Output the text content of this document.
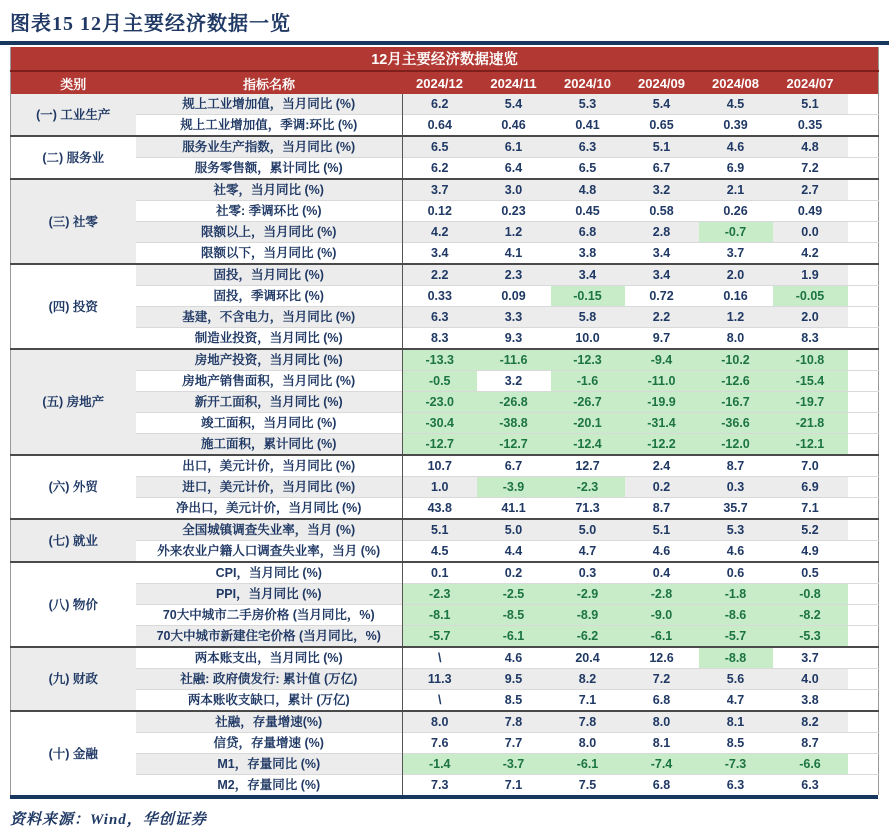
图表15 12月主要经济数据一览
12月主要经济数据速览								
类别	指标名称	2024/12	2024/11	2024/10	2024/09	2024/08	2024/07	
(一) 工业生产	规上工业增加值，当月同比 (%)	6.2	5.4	5.3	5.4	4.5	5.1	
	规上工业增加值，季调:环比 (%)	0.64	0.46	0.41	0.65	0.39	0.35	
(二) 服务业	服务业生产指数，当月同比 (%)	6.5	6.1	6.3	5.1	4.6	4.8	
	服务零售额，累计同比 (%)	6.2	6.4	6.5	6.7	6.9	7.2	
(三) 社零	社零，当月同比 (%)	3.7	3.0	4.8	3.2	2.1	2.7	
	社零: 季调环比 (%)	0.12	0.23	0.45	0.58	0.26	0.49	
	限额以上，当月同比 (%)	4.2	1.2	6.8	2.8	-0.7	0.0	
	限额以下，当月同比 (%)	3.4	4.1	3.8	3.4	3.7	4.2	
(四) 投资	固投，当月同比 (%)	2.2	2.3	3.4	3.4	2.0	1.9	
	固投，季调环比 (%)	0.33	0.09	-0.15	0.72	0.16	-0.05	
	基建，不含电力，当月同比 (%)	6.3	3.3	5.8	2.2	1.2	2.0	
	制造业投资，当月同比 (%)	8.3	9.3	10.0	9.7	8.0	8.3	
(五) 房地产	房地产投资，当月同比 (%)	-13.3	-11.6	-12.3	-9.4	-10.2	-10.8	
	房地产销售面积，当月同比 (%)	-0.5	3.2	-1.6	-11.0	-12.6	-15.4	
	新开工面积，当月同比 (%)	-23.0	-26.8	-26.7	-19.9	-16.7	-19.7	
	竣工面积，当月同比 (%)	-30.4	-38.8	-20.1	-31.4	-36.6	-21.8	
	施工面积，累计同比 (%)	-12.7	-12.7	-12.4	-12.2	-12.0	-12.1	
(六) 外贸	出口，美元计价，当月同比 (%)	10.7	6.7	12.7	2.4	8.7	7.0	
	进口，美元计价，当月同比 (%)	1.0	-3.9	-2.3	0.2	0.3	6.9	
	净出口，美元计价，当月同比 (%)	43.8	41.1	71.3	8.7	35.7	7.1	
(七) 就业	全国城镇调查失业率，当月 (%)	5.1	5.0	5.0	5.1	5.3	5.2	
	外来农业户籍人口调查失业率，当月 (%)	4.5	4.4	4.7	4.6	4.6	4.9	
(八) 物价	CPI，当月同比 (%)	0.1	0.2	0.3	0.4	0.6	0.5	
	PPI，当月同比 (%)	-2.3	-2.5	-2.9	-2.8	-1.8	-0.8	
	70大中城市二手房价格 (当月同比，%)	-8.1	-8.5	-8.9	-9.0	-8.6	-8.2	
	70大中城市新建住宅价格 (当月同比，%)	-5.7	-6.1	-6.2	-6.1	-5.7	-5.3	
(九) 财政	两本账支出，当月同比 (%)	\	4.6	20.4	12.6	-8.8	3.7	
	社融: 政府债发行: 累计值 (万亿)	11.3	9.5	8.2	7.2	5.6	4.0	
	两本账收支缺口，累计 (万亿)	\	8.5	7.1	6.8	4.7	3.8	
(十) 金融	社融，存量增速(%)	8.0	7.8	7.8	8.0	8.1	8.2	
	信贷，存量增速 (%)	7.6	7.7	8.0	8.1	8.5	8.7	
	M1，存量同比 (%)	-1.4	-3.7	-6.1	-7.4	-7.3	-6.6	
	M2，存量同比 (%)	7.3	7.1	7.5	6.8	6.3	6.3	
资料来源：Wind，华创证券
